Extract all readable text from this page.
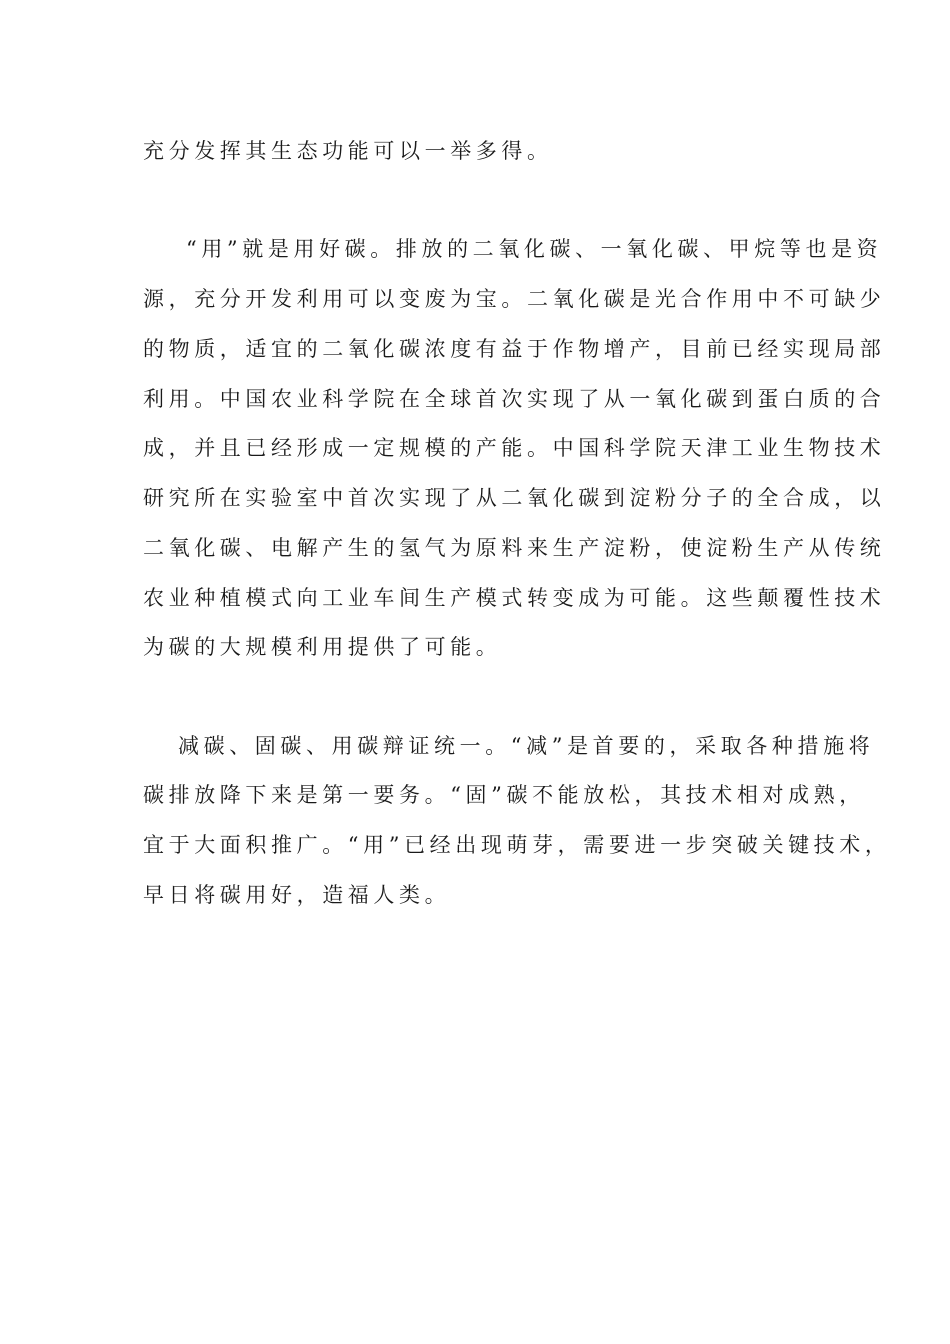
充分发挥其生态功能可以一举多得。

“用”就是用好碳。排放的二氧化碳、一氧化碳、甲烷等也是资

源，充分开发利用可以变废为宝。二氧化碳是光合作用中不可缺少

的物质，适宜的二氧化碳浓度有益于作物增产，目前已经实现局部

利用。中国农业科学院在全球首次实现了从一氧化碳到蛋白质的合

成，并且已经形成一定规模的产能。中国科学院天津工业生物技术

研究所在实验室中首次实现了从二氧化碳到淀粉分子的全合成，以

二氧化碳、电解产生的氢气为原料来生产淀粉，使淀粉生产从传统

农业种植模式向工业车间生产模式转变成为可能。这些颠覆性技术

为碳的大规模利用提供了可能。

减碳、固碳、用碳辩证统一。“减”是首要的，采取各种措施将

碳排放降下来是第一要务。“固”碳不能放松，其技术相对成熟，

宜于大面积推广。“用”已经出现萌芽，需要进一步突破关键技术，

早日将碳用好，造福人类。
